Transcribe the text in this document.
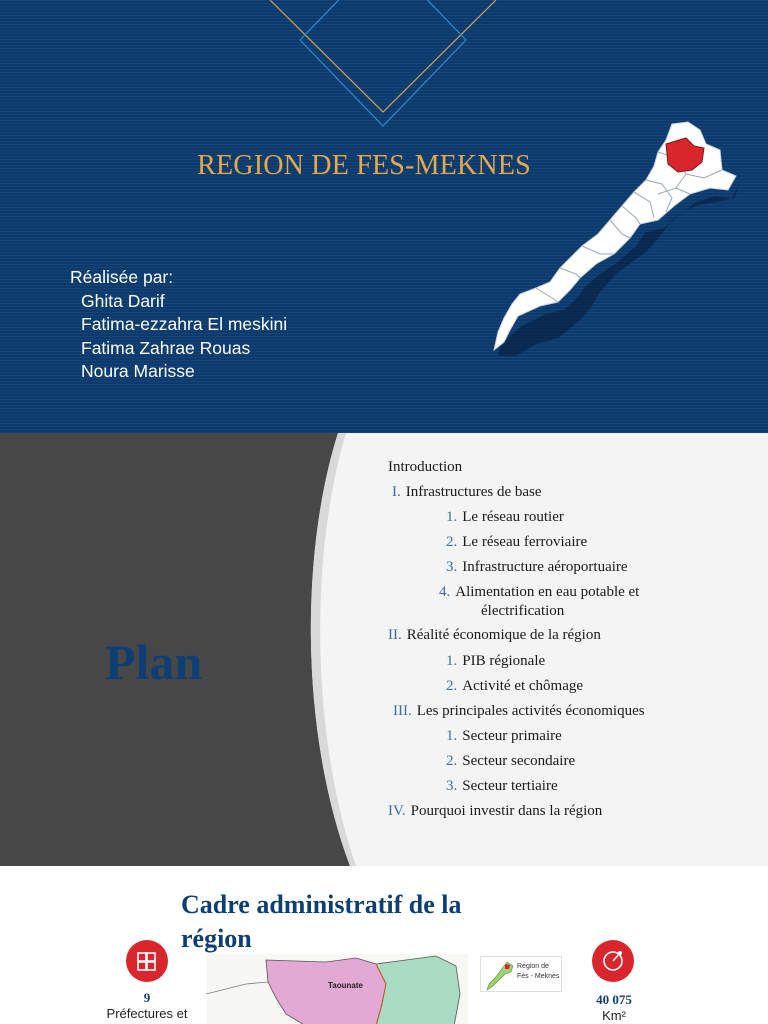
REGION DE FES-MEKNES
Réalisée par:
Ghita Darif
Fatima-ezzahra El meskini
Fatima Zahrae Rouas
Noura Marisse
Plan
Introduction
I. Infrastructures de base
1. Le réseau routier
2. Le réseau ferroviaire
3. Infrastructure aéroportuaire
4. Alimentation en eau potable et
électrification
II. Réalité économique de la région
1. PIB régionale
2. Activité et chômage
III. Les principales activités économiques
1. Secteur primaire
2. Secteur secondaire
3. Secteur tertiaire
IV. Pourquoi investir dans la région
Cadre administratif de la région
9
Préfectures et
Taounate
Région de
Fès - Meknès
40 075
Km²
